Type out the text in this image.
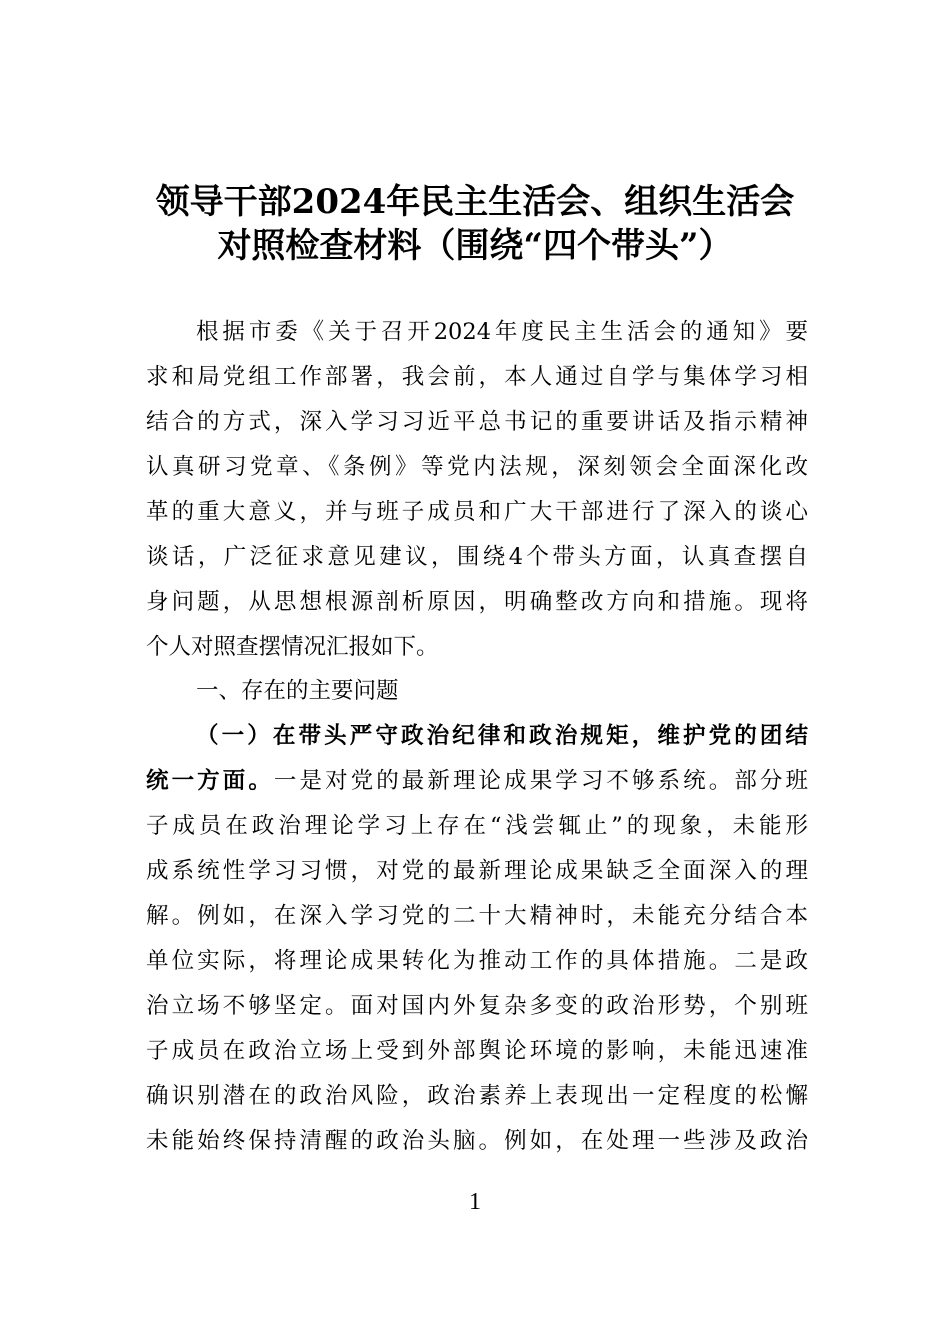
领导干部2024年民主生活会、组织生活会
对照检查材料（围绕“四个带头”）
根据市委《关于召开2024年度民主生活会的通知》要
求和局党组工作部署，我会前，本人通过自学与集体学习相
结合的方式，深入学习习近平总书记的重要讲话及指示精神
认真研习党章、《条例》等党内法规，深刻领会全面深化改
革的重大意义，并与班子成员和广大干部进行了深入的谈心
谈话，广泛征求意见建议，围绕4个带头方面，认真查摆自
身问题，从思想根源剖析原因，明确整改方向和措施。现将
个人对照查摆情况汇报如下。
一、存在的主要问题
（一）在带头严守政治纪律和政治规矩，维护党的团结
统一方面。一是对党的最新理论成果学习不够系统。部分班
子成员在政治理论学习上存在“浅尝辄止”的现象，未能形
成系统性学习习惯，对党的最新理论成果缺乏全面深入的理
解。例如，在深入学习党的二十大精神时，未能充分结合本
单位实际，将理论成果转化为推动工作的具体措施。二是政
治立场不够坚定。面对国内外复杂多变的政治形势，个别班
子成员在政治立场上受到外部舆论环境的影响，未能迅速准
确识别潜在的政治风险，政治素养上表现出一定程度的松懈
未能始终保持清醒的政治头脑。例如，在处理一些涉及政治
1
